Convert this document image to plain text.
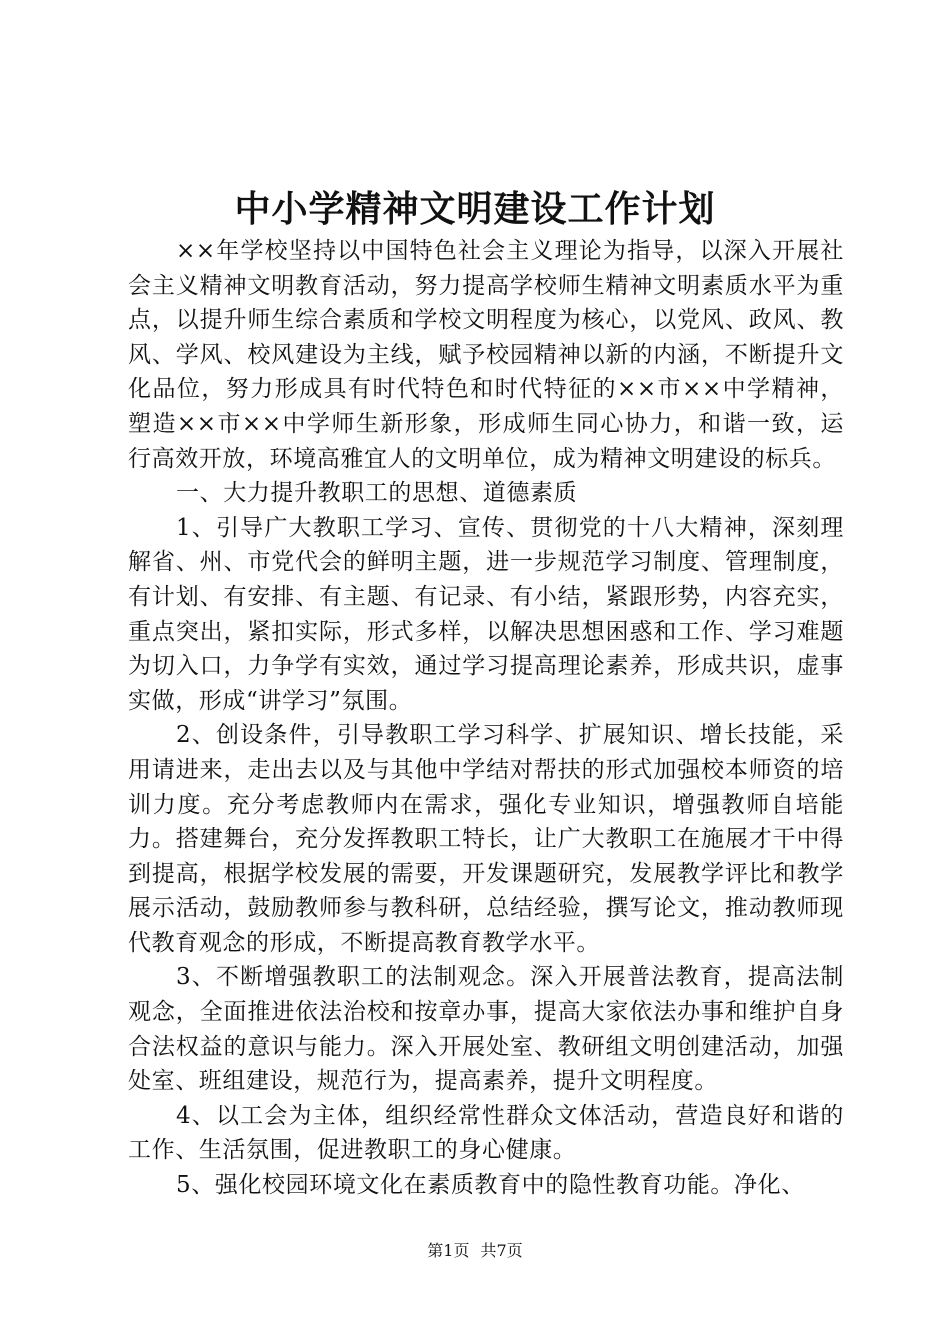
中小学精神文明建设工作计划

××年学校坚持以中国特色社会主义理论为指导，以深入开展社会主义精神文明教育活动，努力提高学校师生精神文明素质水平为重点，以提升师生综合素质和学校文明程度为核心，以党风、政风、教风、学风、校风建设为主线，赋予校园精神以新的内涵，不断提升文化品位，努力形成具有时代特色和时代特征的××市××中学精神，塑造××市××中学师生新形象，形成师生同心协力，和谐一致，运行高效开放，环境高雅宜人的文明单位，成为精神文明建设的标兵。

一、大力提升教职工的思想、道德素质

1、引导广大教职工学习、宣传、贯彻党的十八大精神，深刻理解省、州、市党代会的鲜明主题，进一步规范学习制度、管理制度，有计划、有安排、有主题、有记录、有小结，紧跟形势，内容充实，重点突出，紧扣实际，形式多样，以解决思想困惑和工作、学习难题为切入口，力争学有实效，通过学习提高理论素养，形成共识，虚事实做，形成“讲学习”氛围。

2、创设条件，引导教职工学习科学、扩展知识、增长技能，采用请进来，走出去以及与其他中学结对帮扶的形式加强校本师资的培训力度。充分考虑教师内在需求，强化专业知识，增强教师自培能力。搭建舞台，充分发挥教职工特长，让广大教职工在施展才干中得到提高，根据学校发展的需要，开发课题研究，发展教学评比和教学展示活动，鼓励教师参与教科研，总结经验，撰写论文，推动教师现代教育观念的形成，不断提高教育教学水平。

3、不断增强教职工的法制观念。深入开展普法教育，提高法制观念，全面推进依法治校和按章办事，提高大家依法办事和维护自身合法权益的意识与能力。深入开展处室、教研组文明创建活动，加强处室、班组建设，规范行为，提高素养，提升文明程度。

4、以工会为主体，组织经常性群众文体活动，营造良好和谐的工作、生活氛围，促进教职工的身心健康。

5、强化校园环境文化在素质教育中的隐性教育功能。净化、

第1页 共7页
